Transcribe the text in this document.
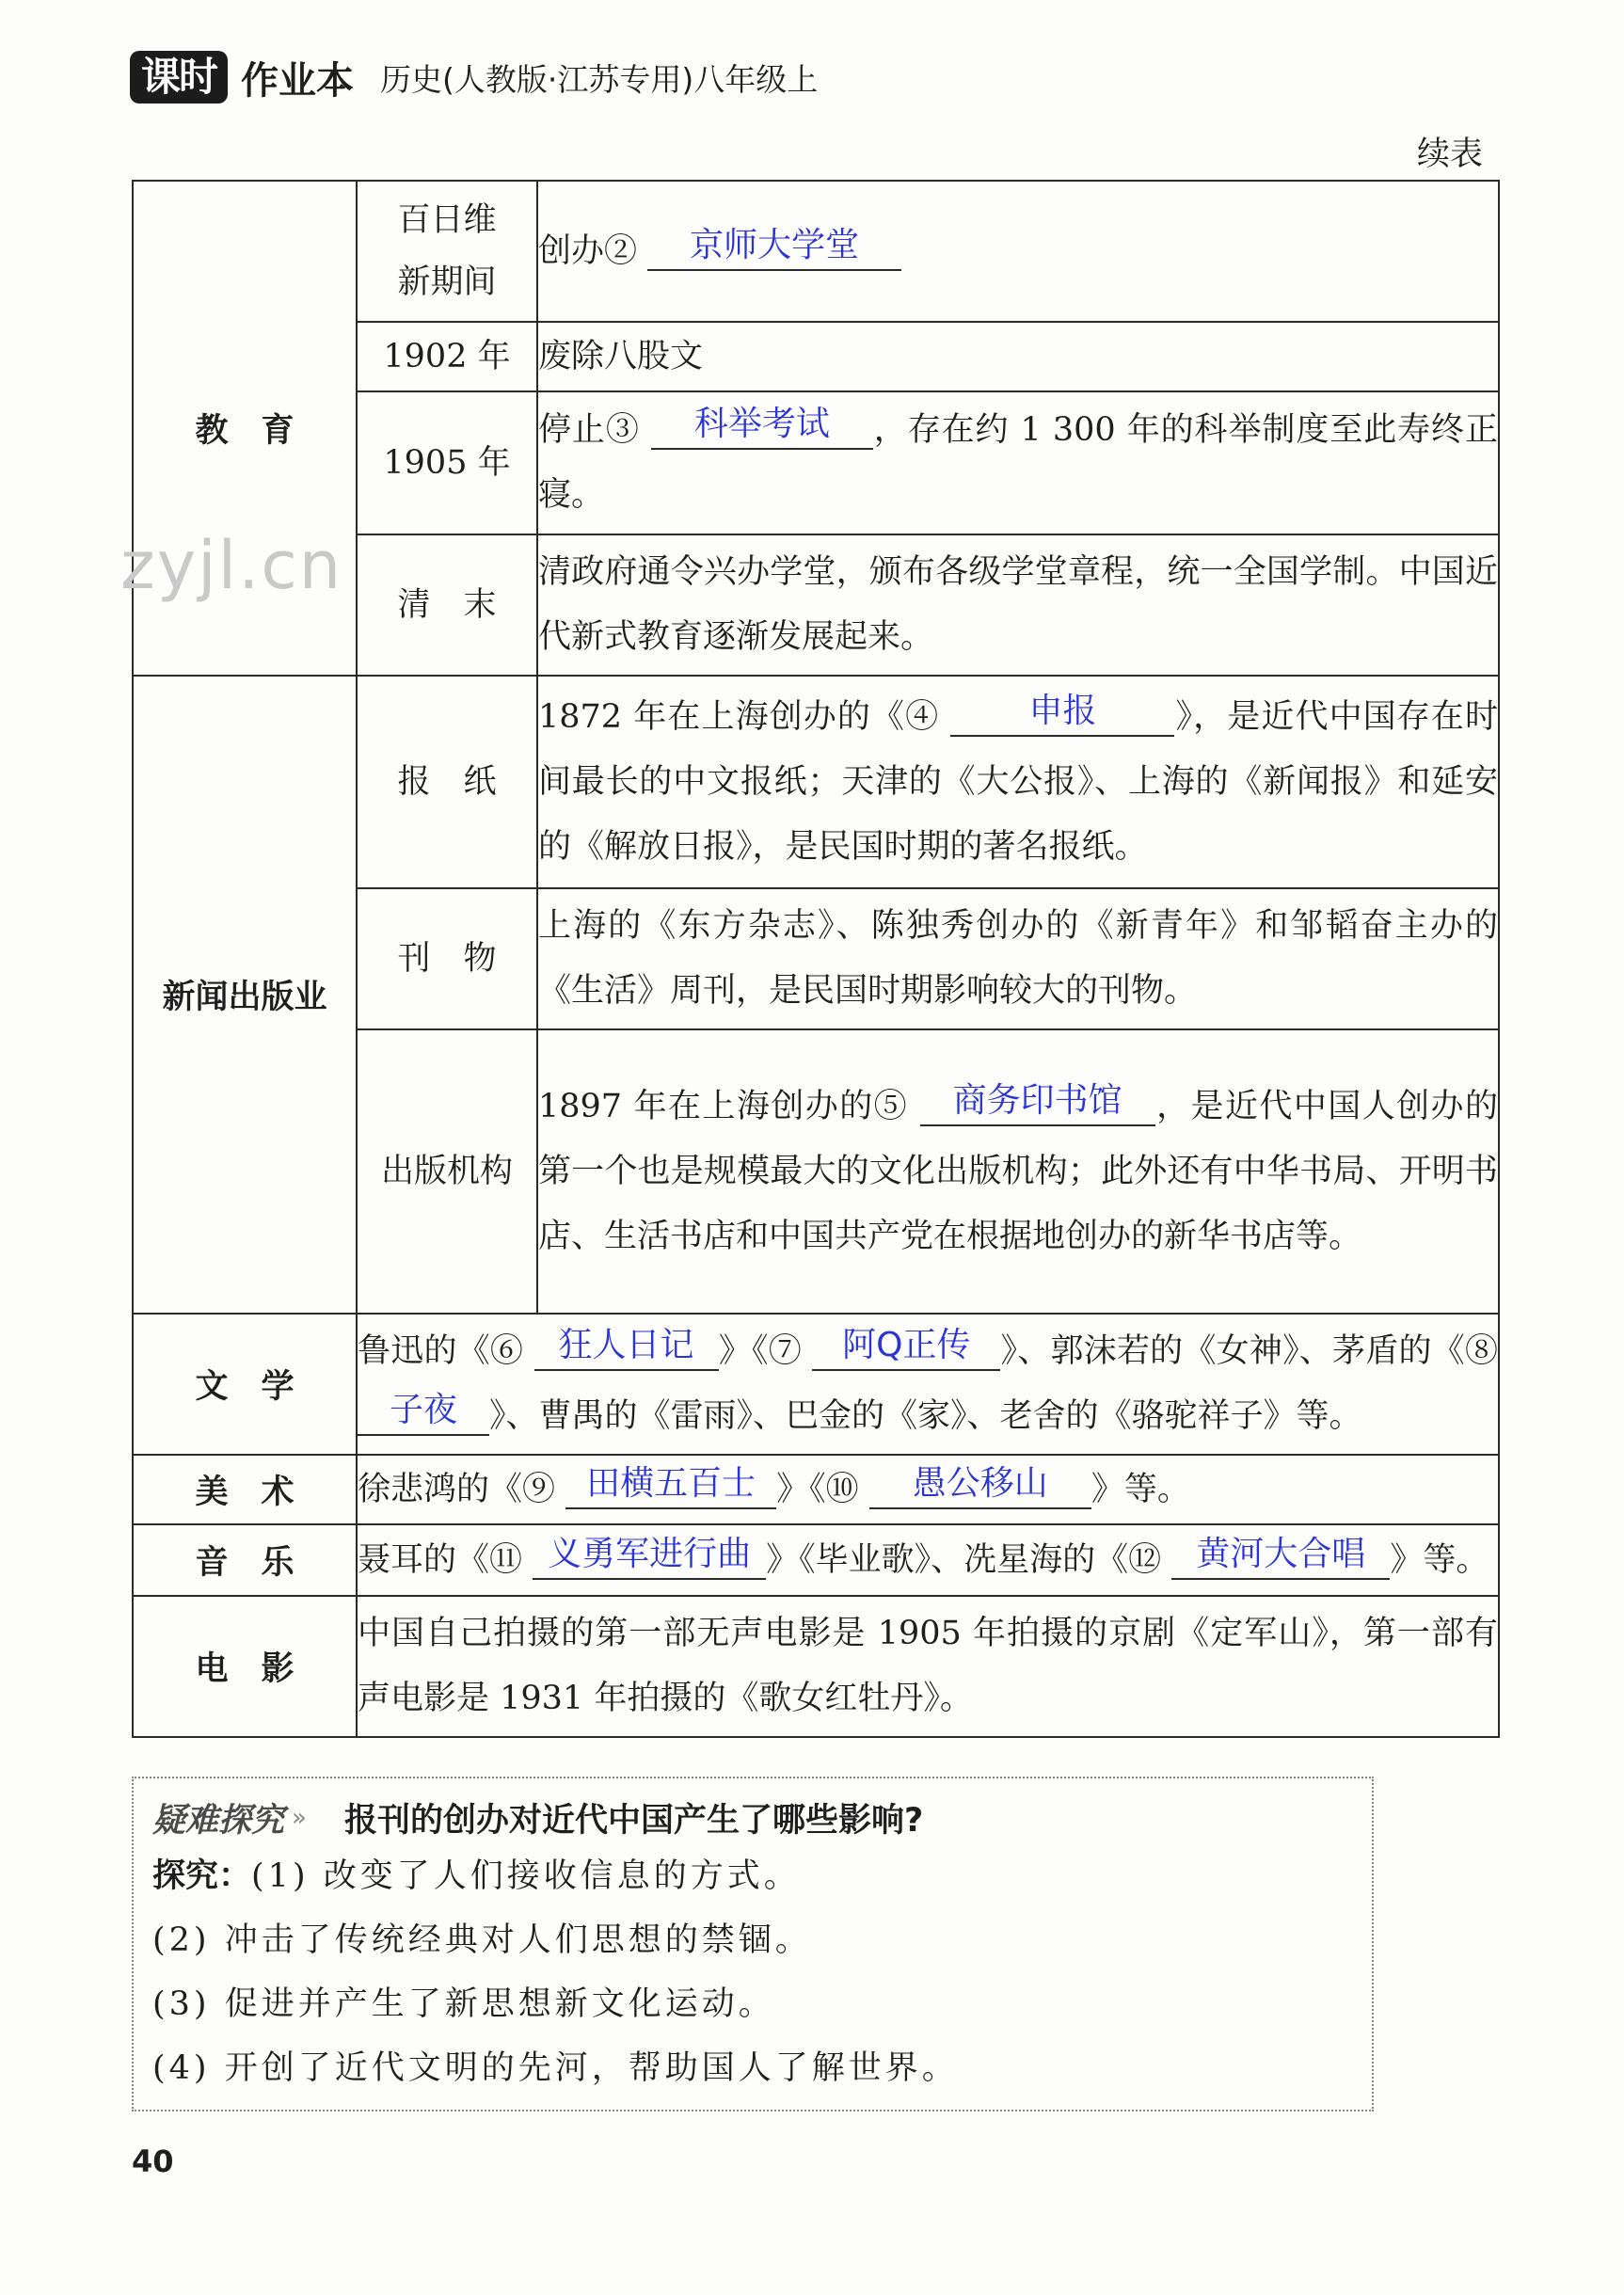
课时 作业本 历史(人教版·江苏专用)八年级上
续表
教　育	百日维新期间	创办② 京师大学堂
	1902 年	废除八股文
	1905 年	停止③ 科举考试 ，存在约 1 300 年的科举制度至此寿终正寝。
	清　末	清政府通令兴办学堂，颁布各级学堂章程，统一全国学制。中国近代新式教育逐渐发展起来。
新闻出版业	报　纸	1872 年在上海创办的《④ 申报 》，是近代中国存在时间最长的中文报纸；天津的《大公报》、上海的《新闻报》和延安的《解放日报》，是民国时期的著名报纸。
	刊　物	上海的《东方杂志》、陈独秀创办的《新青年》和邹韬奋主办的《生活》周刊，是民国时期影响较大的刊物。
	出版机构	1897 年在上海创办的⑤ 商务印书馆 ，是近代中国人创办的第一个也是规模最大的文化出版机构；此外还有中华书局、开明书店、生活书店和中国共产党在根据地创办的新华书店等。
文　学	鲁迅的《⑥ 狂人日记 》《⑦ 阿Q正传 》、郭沫若的《女神》、茅盾的《⑧ 子夜 》、曹禺的《雷雨》、巴金的《家》、老舍的《骆驼祥子》等。	
美　术	徐悲鸿的《⑨ 田横五百士 》《⑩ 愚公移山 》等。	
音　乐	聂耳的《⑪ 义勇军进行曲 》《毕业歌》、冼星海的《⑫ 黄河大合唱 》等。	
电　影	中国自己拍摄的第一部无声电影是 1905 年拍摄的京剧《定军山》，第一部有声电影是 1931 年拍摄的《歌女红牡丹》。	
zyjl.cn
疑难探究 » 报刊的创办对近代中国产生了哪些影响?
探究：(1) 改变了人们接收信息的方式。
(2) 冲击了传统经典对人们思想的禁锢。
(3) 促进并产生了新思想新文化运动。
(4) 开创了近代文明的先河，帮助国人了解世界。
40
